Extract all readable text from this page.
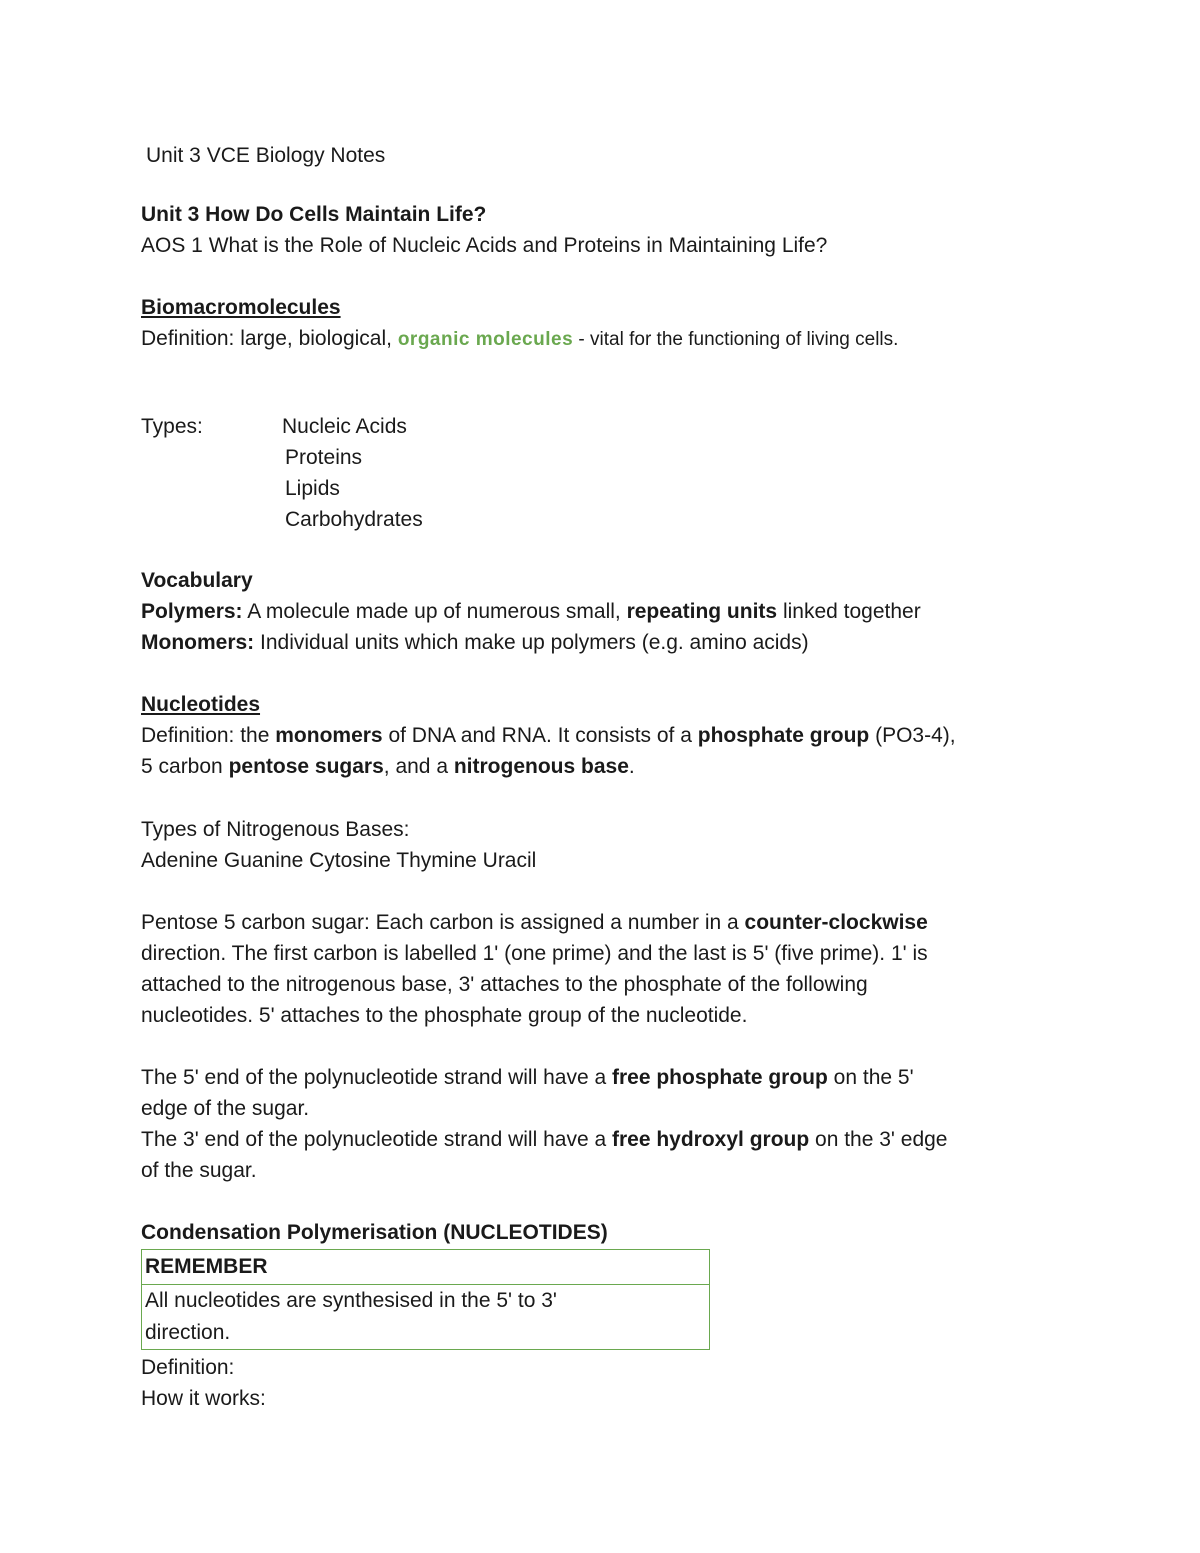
Unit 3 VCE Biology Notes
Unit 3 How Do Cells Maintain Life?
AOS 1 What is the Role of Nucleic Acids and Proteins in Maintaining Life?
Biomacromolecules
Definition: large, biological, organic molecules - vital for the functioning of living cells.
Types:	Nucleic Acids
Proteins
Lipids
Carbohydrates
Vocabulary
Polymers: A molecule made up of numerous small, repeating units linked together
Monomers: Individual units which make up polymers (e.g. amino acids)
Nucleotides
Definition: the monomers of DNA and RNA. It consists of a phosphate group (PO3-4),
5 carbon pentose sugars, and a nitrogenous base.
Types of Nitrogenous Bases:
Adenine Guanine Cytosine Thymine Uracil
Pentose 5 carbon sugar: Each carbon is assigned a number in a counter-clockwise
direction. The first carbon is labelled 1' (one prime) and the last is 5' (five prime). 1' is
attached to the nitrogenous base, 3' attaches to the phosphate of the following
nucleotides. 5' attaches to the phosphate group of the nucleotide.
The 5' end of the polynucleotide strand will have a free phosphate group on the 5'
edge of the sugar.
The 3' end of the polynucleotide strand will have a free hydroxyl group on the 3' edge
of the sugar.
Condensation Polymerisation (NUCLEOTIDES)
REMEMBER
All nucleotides are synthesised in the 5' to 3'
direction.
Definition:
How it works:
